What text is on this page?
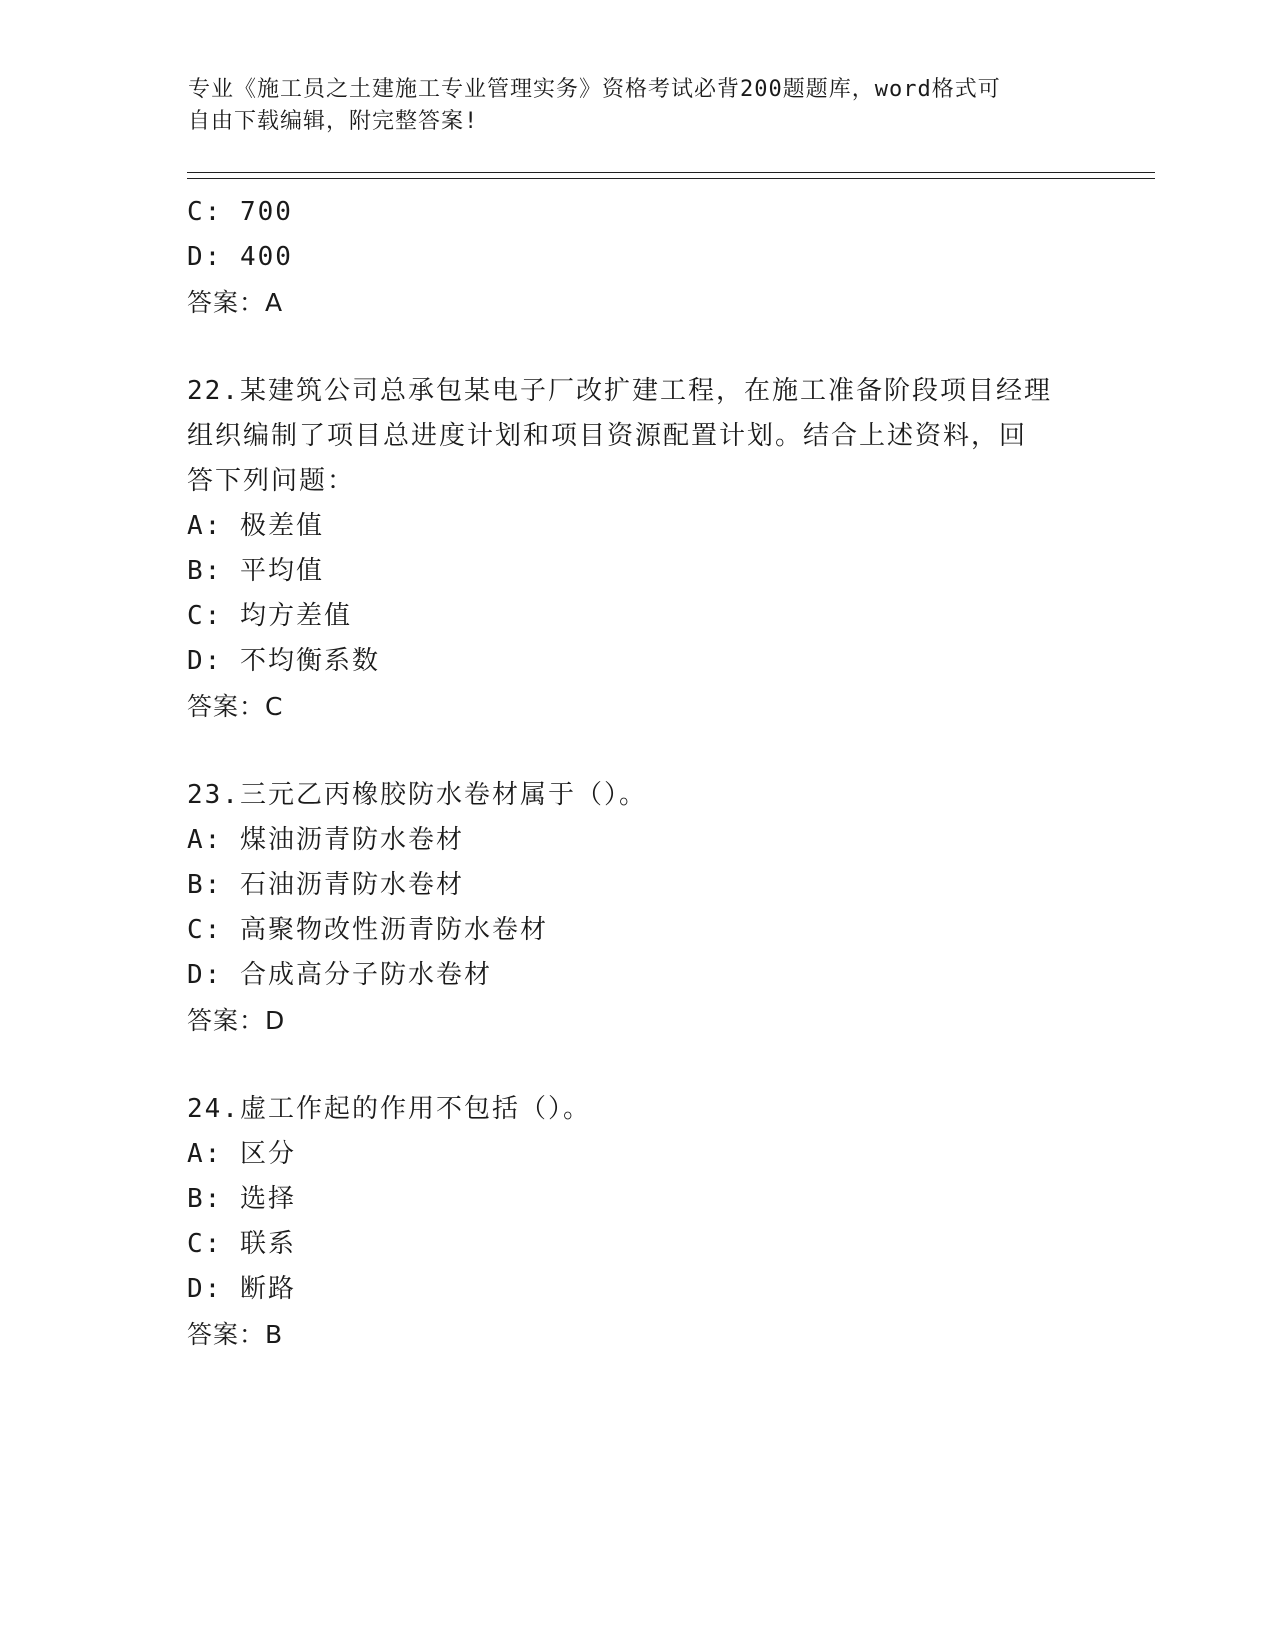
专业《施工员之土建施工专业管理实务》资格考试必背200题题库，word格式可
自由下载编辑，附完整答案!
C: 700
D: 400
答案：A
22.某建筑公司总承包某电子厂改扩建工程，在施工准备阶段项目经理
组织编制了项目总进度计划和项目资源配置计划。结合上述资料，回
答下列问题：
A: 极差值
B: 平均值
C: 均方差值
D: 不均衡系数
答案：C
23.三元乙丙橡胶防水卷材属于（）。
A: 煤油沥青防水卷材
B: 石油沥青防水卷材
C: 高聚物改性沥青防水卷材
D: 合成高分子防水卷材
答案：D
24.虚工作起的作用不包括（）。
A: 区分
B: 选择
C: 联系
D: 断路
答案：B
